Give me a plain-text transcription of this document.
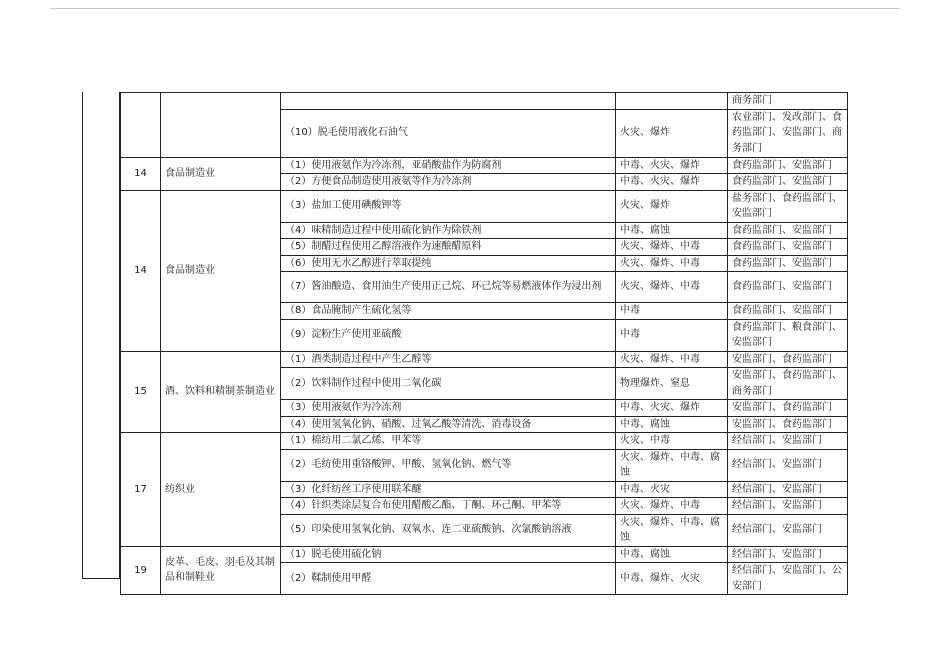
				商务部门
		（10）脱毛使用液化石油气	火灾、爆炸	农业部门、发改部门、食药监部门、安监部门、商务部门
14	食品制造业	（1）使用液氨作为冷冻剂，亚硝酸盐作为防腐剂	中毒、火灾、爆炸	食药监部门、安监部门
		（2）方便食品制造使用液氨等作为冷冻剂	中毒、火灾、爆炸	食药监部门、安监部门
14	食品制造业	（3）盐加工使用碘酸钾等	火灾、爆炸	盐务部门、食药监部门、安监部门
		（4）味精制造过程中使用硫化钠作为除铁剂	中毒、腐蚀	食药监部门、安监部门
		（5）制醋过程使用乙醇溶液作为速酿醋原料	火灾、爆炸、中毒	食药监部门、安监部门
		（6）使用无水乙醇进行萃取提纯	火灾、爆炸、中毒	食药监部门、安监部门
		（7）酱油酿造、食用油生产使用正己烷、环己烷等易燃液体作为浸出剂	火灾、爆炸、中毒	食药监部门、安监部门
		（8）食品腌制产生硫化氢等	中毒	食药监部门、安监部门
		（9）淀粉生产使用亚硫酸	中毒	食药监部门、粮食部门、安监部门
15	酒、饮料和精制茶制造业	（1）酒类制造过程中产生乙醇等	火灾、爆炸、中毒	安监部门、食药监部门
		（2）饮料制作过程中使用二氧化碳	物理爆炸、窒息	安监部门、食药监部门、商务部门
		（3）使用液氨作为冷冻剂	中毒、火灾、爆炸	安监部门、食药监部门
		（4）使用氢氧化钠、硝酸、过氧乙酸等清洗、消毒设备	中毒、腐蚀	安监部门、食药监部门
17	纺织业	（1）棉纺用二氯乙烯、甲苯等	火灾、中毒	经信部门、安监部门
		（2）毛纺使用重铬酸钾、甲酸、氢氧化钠、燃气等	火灾、爆炸、中毒、腐蚀	经信部门、安监部门
		（3）化纤纺丝工序使用联苯醚	中毒、火灾	经信部门、安监部门
		（4）针织类涂层复合布使用醋酸乙酯、丁酮、环己酮、甲苯等	火灾、爆炸、中毒	经信部门、安监部门
		（5）印染使用氢氧化钠、双氧水、连二亚硫酸钠、次氯酸钠溶液	火灾、爆炸、中毒、腐蚀	经信部门、安监部门
19	皮革、毛皮、羽毛及其制品和制鞋业	（1）脱毛使用硫化钠	中毒、腐蚀	经信部门、安监部门
		（2）鞣制使用甲醛	中毒、爆炸、火灾	经信部门、安监部门、公安部门
